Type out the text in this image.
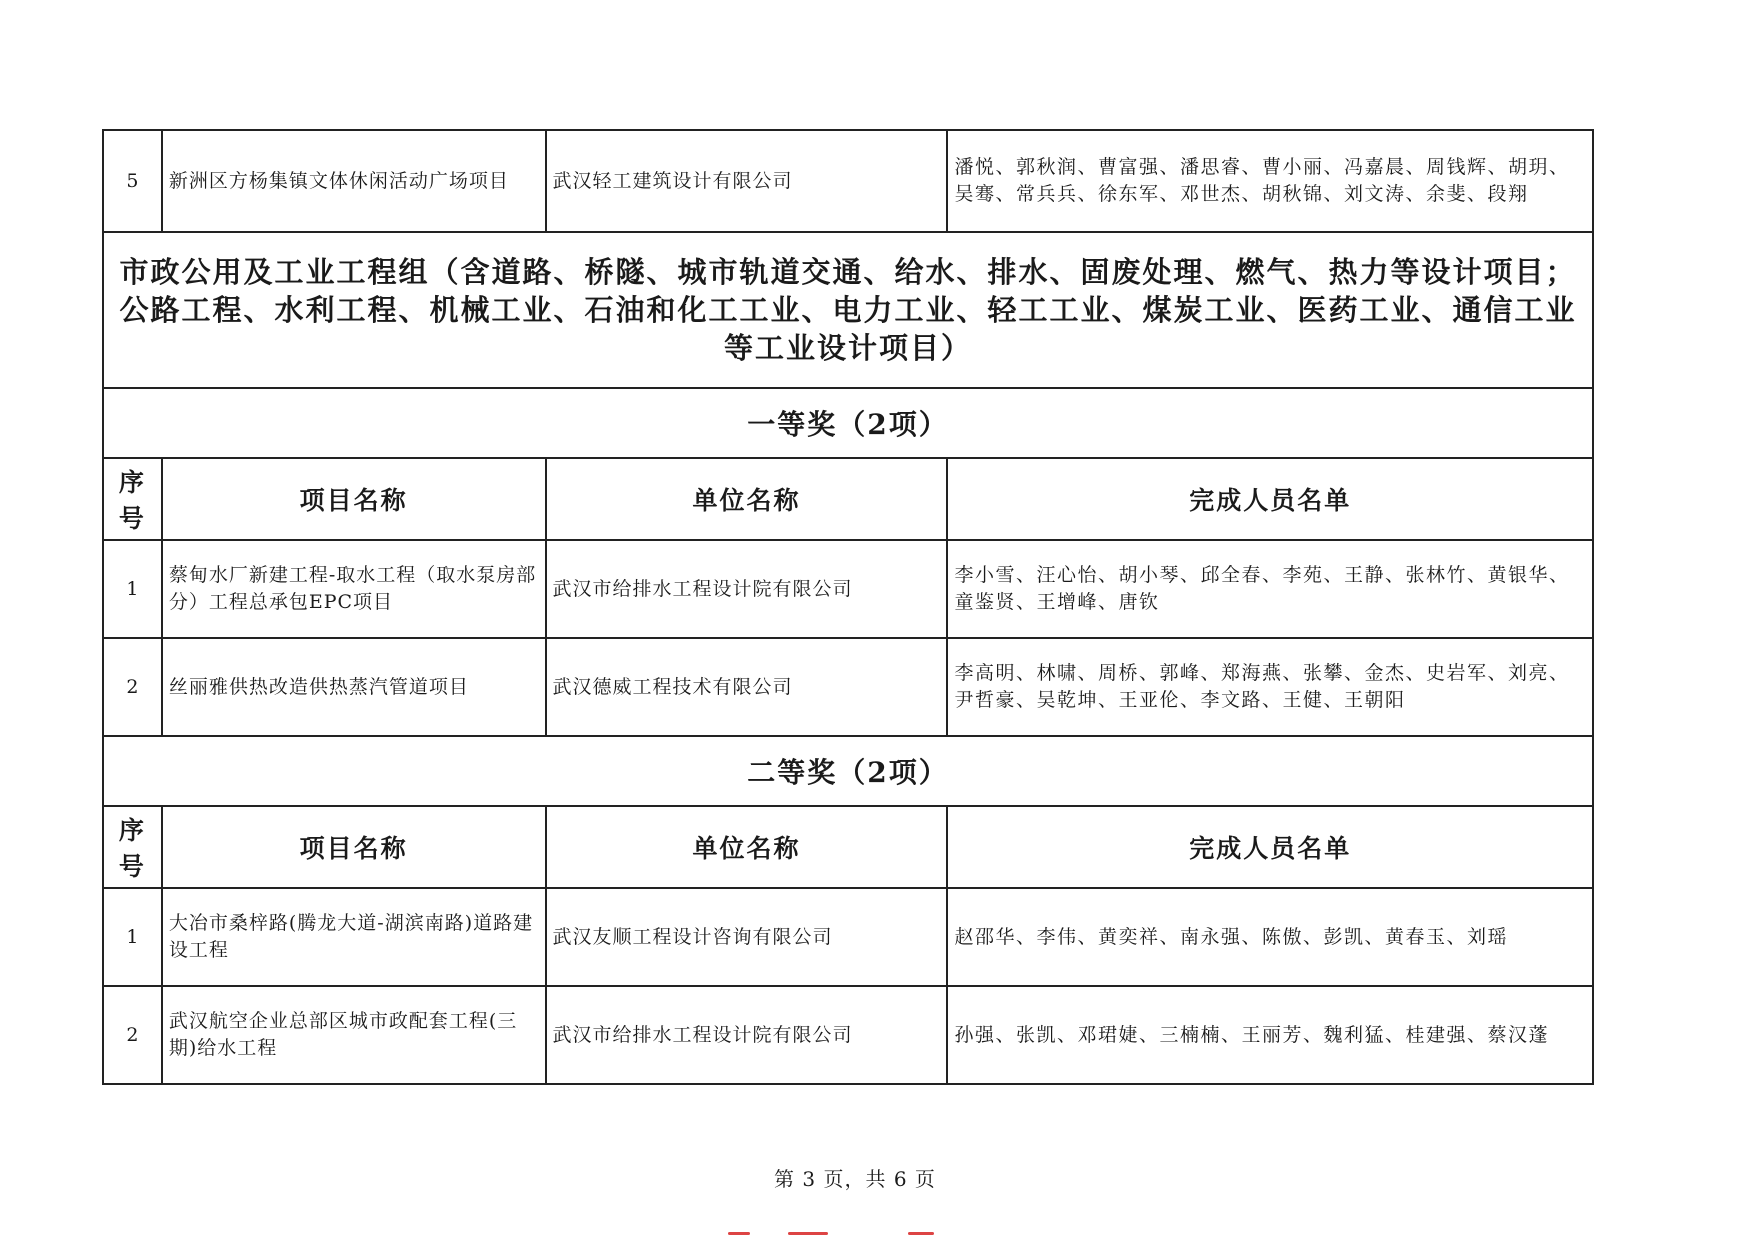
5	新洲区方杨集镇文体休闲活动广场项目	武汉轻工建筑设计有限公司	潘悦、郭秋润、曹富强、潘思睿、曹小丽、冯嘉晨、周钱辉、胡玥、吴骞、常兵兵、徐东军、邓世杰、胡秋锦、刘文涛、余斐、段翔
市政公用及工业工程组（含道路、桥隧、城市轨道交通、给水、排水、固废处理、燃气、热力等设计项目；公路工程、水利工程、机械工业、石油和化工工业、电力工业、轻工工业、煤炭工业、医药工业、通信工业等工业设计项目）			
一等奖（2项）			
序号	项目名称	单位名称	完成人员名单
1	蔡甸水厂新建工程-取水工程（取水泵房部分）工程总承包EPC项目	武汉市给排水工程设计院有限公司	李小雪、汪心怡、胡小琴、邱全春、李苑、王静、张林竹、黄银华、童鉴贤、王增峰、唐钦
2	丝丽雅供热改造供热蒸汽管道项目	武汉德威工程技术有限公司	李高明、林啸、周桥、郭峰、郑海燕、张攀、金杰、史岩军、刘亮、尹哲豪、吴乾坤、王亚伦、李文路、王健、王朝阳
二等奖（2项）			
序号	项目名称	单位名称	完成人员名单
1	大冶市桑梓路(腾龙大道-湖滨南路)道路建设工程	武汉友顺工程设计咨询有限公司	赵邵华、李伟、黄奕祥、南永强、陈傲、彭凯、黄春玉、刘瑶
2	武汉航空企业总部区城市政配套工程(三期)给水工程	武汉市给排水工程设计院有限公司	孙强、张凯、邓珺婕、三楠楠、王丽芳、魏利猛、桂建强、蔡汉蓬
第 3 页，共 6 页
